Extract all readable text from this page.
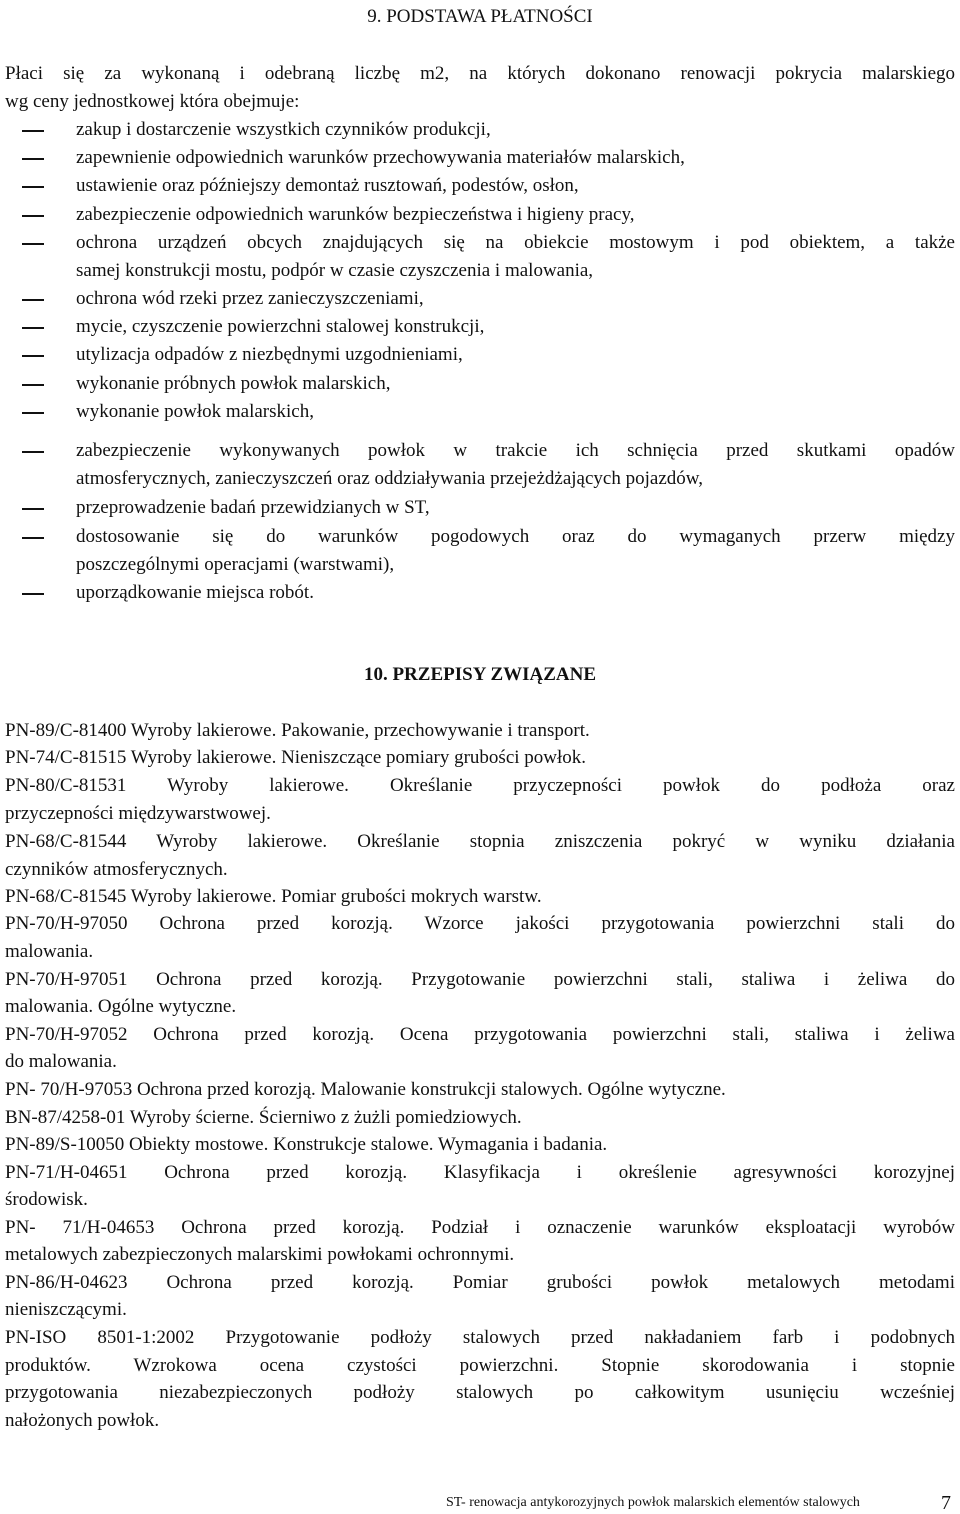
9. PODSTAWA PŁATNOŚCI
Płaci się za wykonaną i odebraną liczbę m2, na których dokonano renowacji pokrycia malarskiego
wg ceny jednostkowej która obejmuje:
zakup i dostarczenie wszystkich czynników produkcji,
zapewnienie odpowiednich warunków przechowywania materiałów malarskich,
ustawienie oraz późniejszy demontaż rusztowań, podestów, osłon,
zabezpieczenie odpowiednich warunków bezpieczeństwa i higieny pracy,
ochrona urządzeń obcych znajdujących się na obiekcie mostowym i pod obiektem, a także
samej konstrukcji mostu, podpór w czasie czyszczenia i malowania,
ochrona wód rzeki przez zanieczyszczeniami,
mycie, czyszczenie powierzchni stalowej konstrukcji,
utylizacja odpadów z niezbędnymi uzgodnieniami,
wykonanie próbnych powłok malarskich,
wykonanie powłok malarskich,
zabezpieczenie wykonywanych powłok w trakcie ich schnięcia przed skutkami opadów
atmosferycznych, zanieczyszczeń oraz oddziaływania przejeżdżających pojazdów,
przeprowadzenie badań przewidzianych w ST,
dostosowanie się do warunków pogodowych oraz do wymaganych przerw między
poszczególnymi operacjami (warstwami),
uporządkowanie miejsca robót.
10. PRZEPISY ZWIĄZANE
PN-89/C-81400 Wyroby lakierowe. Pakowanie, przechowywanie i transport.
PN-74/C-81515 Wyroby lakierowe. Nieniszczące pomiary grubości powłok.
PN-80/C-81531 Wyroby lakierowe. Określanie przyczepności powłok do podłoża oraz
przyczepności międzywarstwowej.
PN-68/C-81544 Wyroby lakierowe. Określanie stopnia zniszczenia pokryć w wyniku działania
czynników atmosferycznych.
PN-68/C-81545 Wyroby lakierowe. Pomiar grubości mokrych warstw.
PN-70/H-97050 Ochrona przed korozją. Wzorce jakości przygotowania powierzchni stali do
malowania.
PN-70/H-97051 Ochrona przed korozją. Przygotowanie powierzchni stali, staliwa i żeliwa do
malowania. Ogólne wytyczne.
PN-70/H-97052 Ochrona przed korozją. Ocena przygotowania powierzchni stali, staliwa i żeliwa
do malowania.
PN- 70/H-97053 Ochrona przed korozją. Malowanie konstrukcji stalowych. Ogólne wytyczne.
BN-87/4258-01 Wyroby ścierne. Ścierniwo z żużli pomiedziowych.
PN-89/S-10050 Obiekty mostowe. Konstrukcje stalowe. Wymagania i badania.
PN-71/H-04651 Ochrona przed korozją. Klasyfikacja i określenie agresywności korozyjnej
środowisk.
PN- 71/H-04653 Ochrona przed korozją. Podział i oznaczenie warunków eksploatacji wyrobów
metalowych zabezpieczonych malarskimi powłokami ochronnymi.
PN-86/H-04623 Ochrona przed korozją. Pomiar grubości powłok metalowych metodami
nieniszczącymi.
PN-ISO 8501-1:2002 Przygotowanie podłoży stalowych przed nakładaniem farb i podobnych
produktów. Wzrokowa ocena czystości powierzchni. Stopnie skorodowania i stopnie
przygotowania niezabezpieczonych podłoży stalowych po całkowitym usunięciu wcześniej
nałożonych powłok.
ST- renowacja antykorozyjnych powłok malarskich elementów stalowych	7
